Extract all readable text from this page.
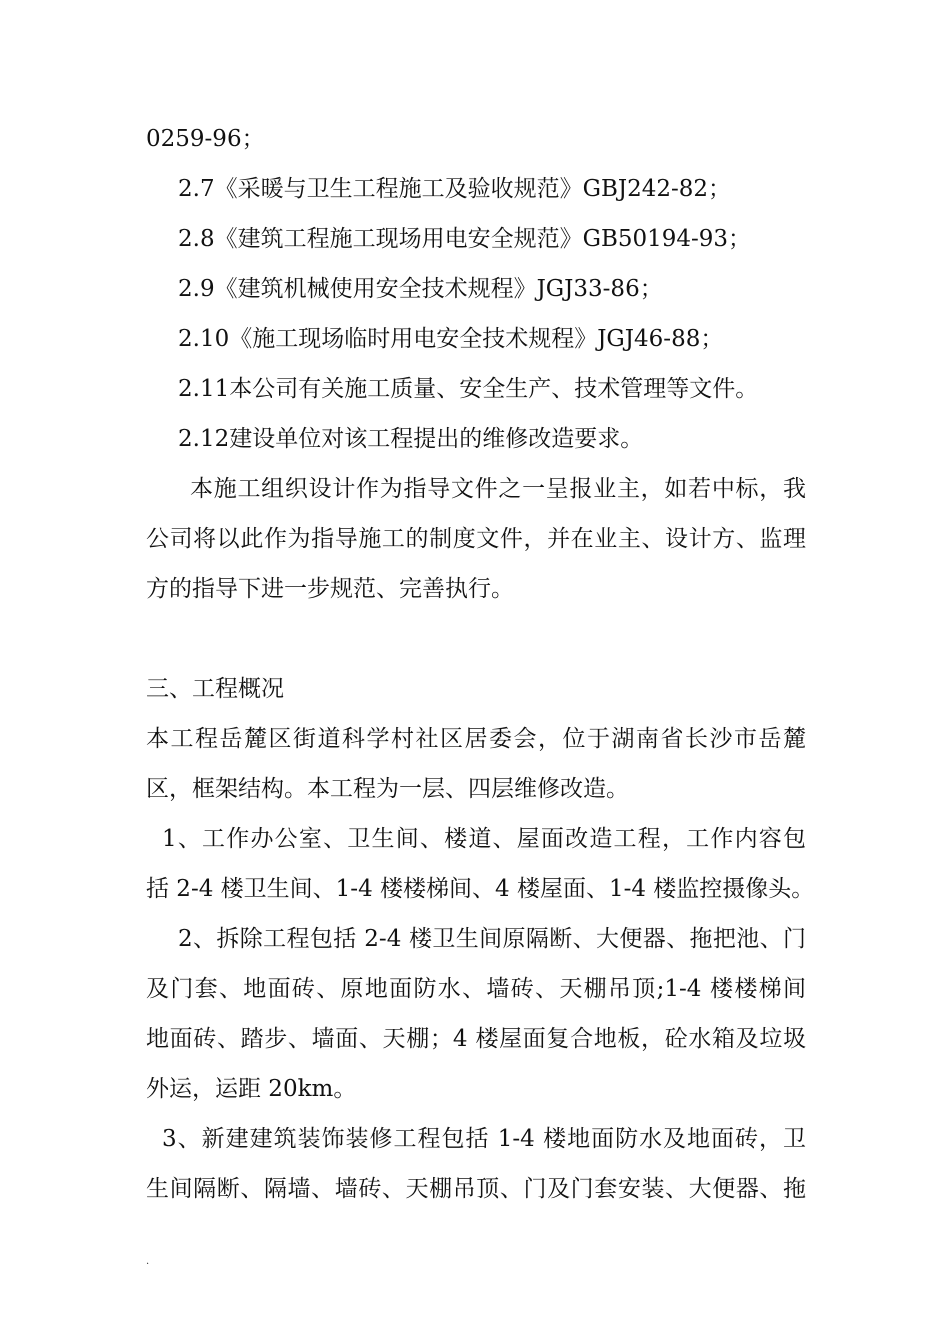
0259-96；
2.7《采暖与卫生工程施工及验收规范》GBJ242-82；
2.8《建筑工程施工现场用电安全规范》GB50194-93；
2.9《建筑机械使用安全技术规程》JGJ33-86；
2.10《施工现场临时用电安全技术规程》JGJ46-88；
2.11本公司有关施工质量、安全生产、技术管理等文件。
2.12建设单位对该工程提出的维修改造要求。
本施工组织设计作为指导文件之一呈报业主，如若中标，我
公司将以此作为指导施工的制度文件，并在业主、设计方、监理
方的指导下进一步规范、完善执行。
三、工程概况
本工程岳麓区街道科学村社区居委会，位于湖南省长沙市岳麓
区，框架结构。本工程为一层、四层维修改造。
1、工作办公室、卫生间、楼道、屋面改造工程，工作内容包
括 2-4 楼卫生间、1-4 楼楼梯间、4 楼屋面、1-4 楼监控摄像头。
2、拆除工程包括 2-4 楼卫生间原隔断、大便器、拖把池、门
及门套、地面砖、原地面防水、墙砖、天棚吊顶;1-4 楼楼梯间
地面砖、踏步、墙面、天棚；4 楼屋面复合地板，砼水箱及垃圾
外运，运距 20km。
3、新建建筑装饰装修工程包括 1-4 楼地面防水及地面砖，卫
生间隔断、隔墙、墙砖、天棚吊顶、门及门套安装、大便器、拖
.
